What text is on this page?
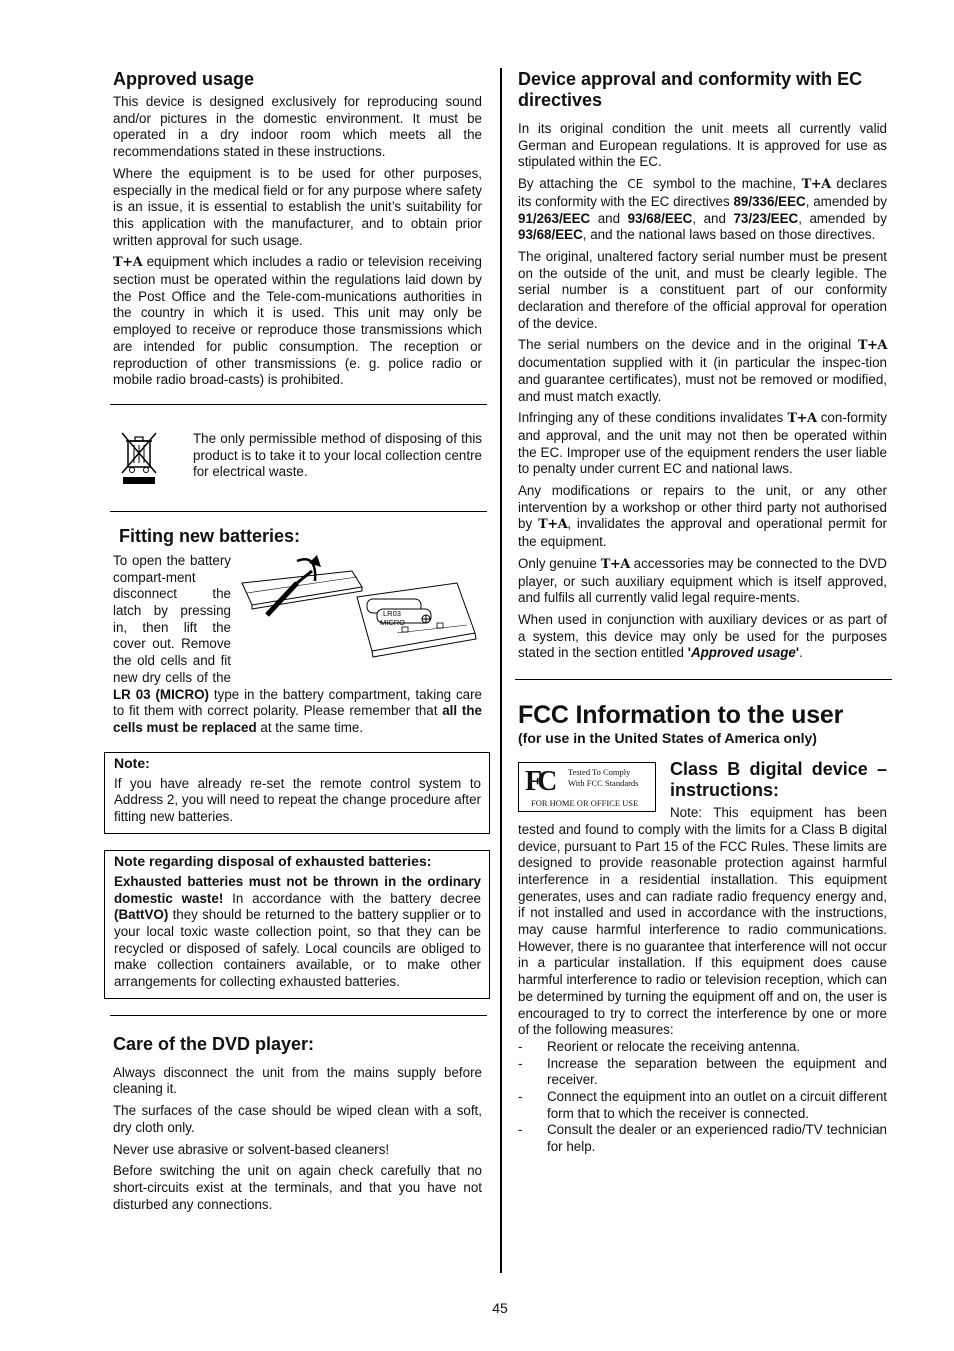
Approved usage

This device is designed exclusively for reproducing sound and/or pictures in the domestic environment. It must be operated in a dry indoor room which meets all the recommendations stated in these instructions.

Where the equipment is to be used for other purposes, especially in the medical field or for any purpose where safety is an issue, it is essential to establish the unit’s suitability for this application with the manufacturer, and to obtain prior written approval for such usage.

T+A equipment which includes a radio or television receiving section must be operated within the regulations laid down by the Post Office and the Tele-com-munications authorities in the country in which it is used. This unit may only be employed to receive or reproduce those transmissions which are intended for public consumption. The reception or reproduction of other transmissions (e. g. police radio or mobile radio broad-casts) is prohibited.

The only permissible method of disposing of this product is to take it to your local collection centre for electrical waste.

Fitting new batteries:
LR03
MICRO

To open the battery compart-ment disconnect the latch by pressing in, then lift the cover out. Remove the old cells and fit new dry cells of the LR 03 (MICRO) type in the battery compartment, taking care to fit them with correct polarity. Please remember that all the cells must be replaced at the same time.

Note:

If you have already re-set the remote control system to Address 2, you will need to repeat the change procedure after fitting new batteries.

Note regarding disposal of exhausted batteries:

Exhausted batteries must not be thrown in the ordinary domestic waste! In accordance with the battery decree (BattVO) they should be returned to the battery supplier or to your local toxic waste collection point, so that they can be recycled or disposed of safely. Local councils are obliged to make collection containers available, or to make other arrangements for collecting exhausted batteries.

Care of the DVD player:

Always disconnect the unit from the mains supply before cleaning it.

The surfaces of the case should be wiped clean with a soft, dry cloth only.

Never use abrasive or solvent-based cleaners!

Before switching the unit on again check carefully that no short-circuits exist at the terminals, and that you have not disturbed any connections.

Device approval and conformity with EC directives

In its original condition the unit meets all currently valid German and European regulations. It is approved for use as stipulated within the EC.

By attaching the CE symbol to the machine, T+A declares its conformity with the EC directives 89/336/EEC, amended by 91/263/EEC and 93/68/EEC, and 73/23/EEC, amended by 93/68/EEC, and the national laws based on those directives.

The original, unaltered factory serial number must be present on the outside of the unit, and must be clearly legible. The serial number is a constituent part of our conformity declaration and therefore of the official approval for operation of the device.

The serial numbers on the device and in the original T+A documentation supplied with it (in particular the inspec-tion and guarantee certificates), must not be removed or modified, and must match exactly.

Infringing any of these conditions invalidates T+A con-formity and approval, and the unit may not then be operated within the EC. Improper use of the equipment renders the user liable to penalty under current EC and national laws.

Any modifications or repairs to the unit, or any other intervention by a workshop or other third party not authorised by T+A, invalidates the approval and operational permit for the equipment.

Only genuine T+A accessories may be connected to the DVD player, or such auxiliary equipment which is itself approved, and fulfils all currently valid legal require-ments.

When used in conjunction with auxiliary devices or as part of a system, this device may only be used for the purposes stated in the section entitled 'Approved usage'.

FCC Information to the user
(for use in the United States of America only)
FC Tested To Comply
With FCC Standards
FOR HOME OR OFFICE USE
Class B digital device – instructions:

Note: This equipment has been tested and found to comply with the limits for a Class B digital device, pursuant to Part 15 of the FCC Rules. These limits are designed to provide reasonable protection against harmful interference in a residential installation. This equipment generates, uses and can radiate radio frequency energy and, if not installed and used in accordance with the instructions, may cause harmful interference to radio communications. However, there is no guarantee that interference will not occur in a particular installation. If this equipment does cause harmful interference to radio or television reception, which can be determined by turning the equipment off and on, the user is encouraged to try to correct the interference by one or more of the following measures:

- Reorient or relocate the receiving antenna.
- Increase the separation between the equipment and receiver.
- Connect the equipment into an outlet on a circuit different form that to which the receiver is connected.
- Consult the dealer or an experienced radio/TV technician for help.
45
